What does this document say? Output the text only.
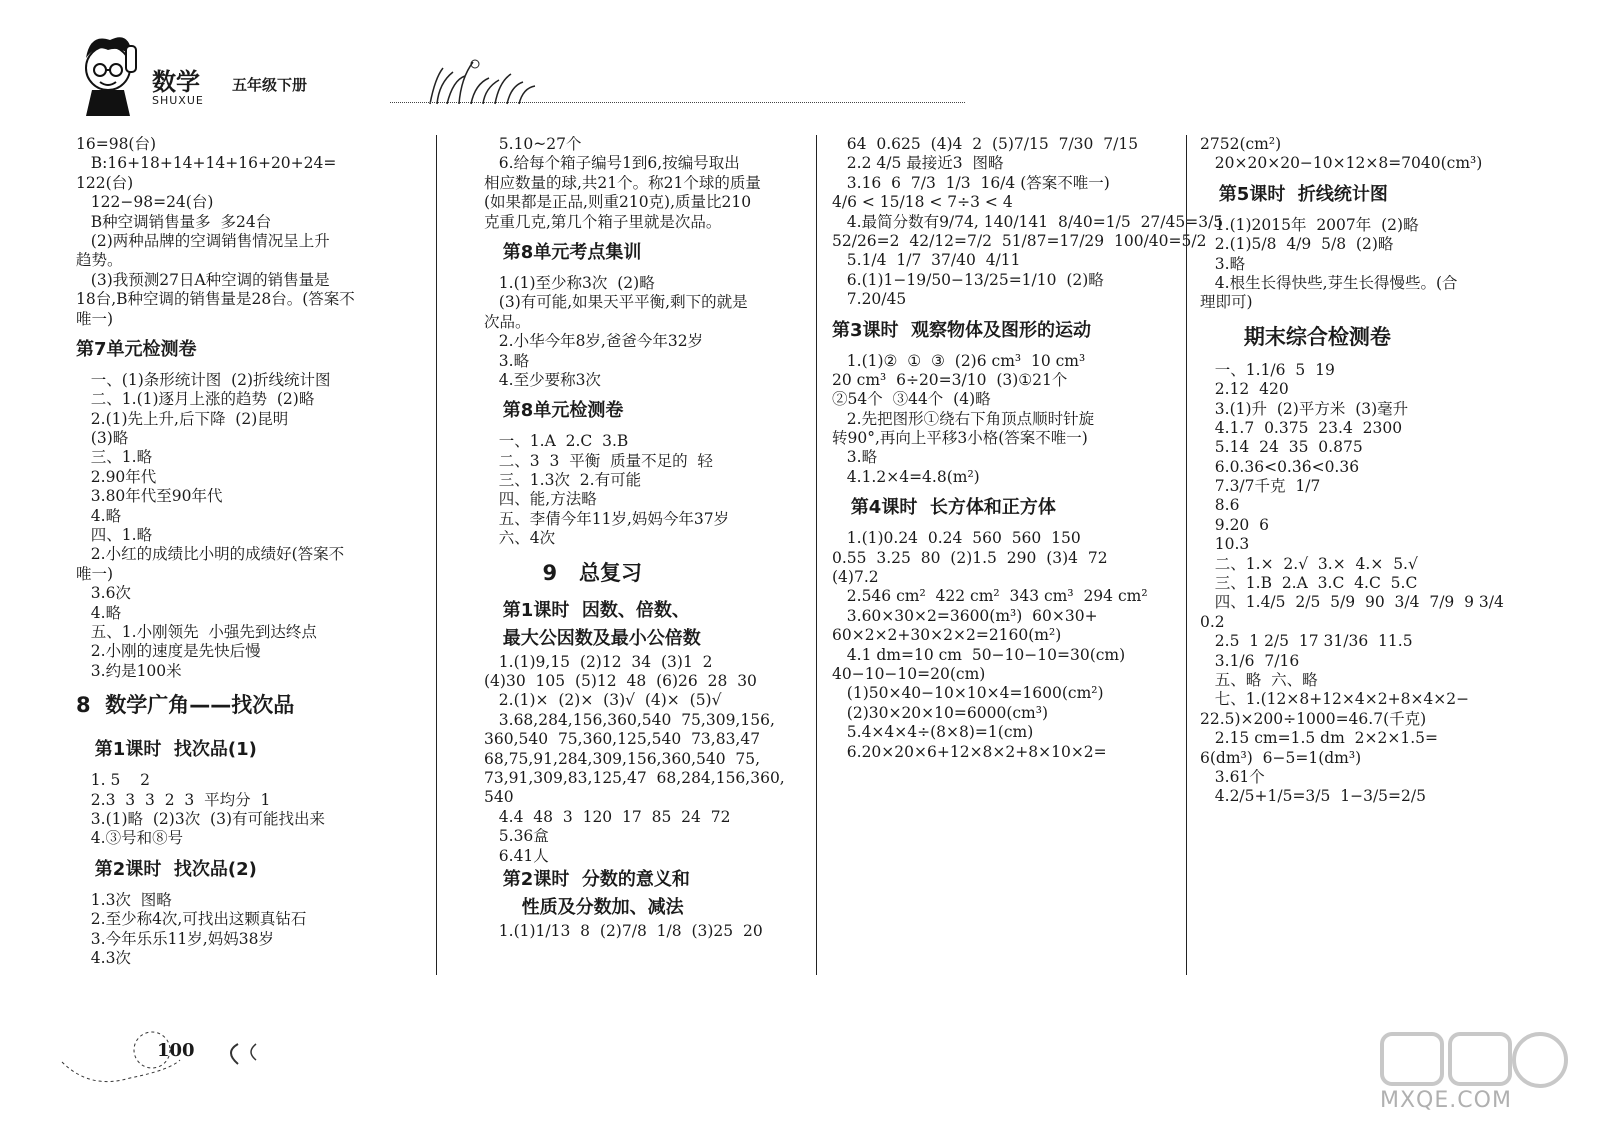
数学
SHUXUE
五年级下册
16=98(台)
B:16+18+14+14+16+20+24=
122(台)
122−98=24(台)
B种空调销售量多  多24台
(2)两种品牌的空调销售情况呈上升
趋势。
(3)我预测27日A种空调的销售量是
18台,B种空调的销售量是28台。(答案不
唯一)
第7单元检测卷
一、(1)条形统计图  (2)折线统计图
二、1.(1)逐月上涨的趋势  (2)略
2.(1)先上升,后下降  (2)昆明
(3)略
三、1.略
2.90年代
3.80年代至90年代
4.略
四、1.略
2.小红的成绩比小明的成绩好(答案不
唯一)
3.6次
4.略
五、1.小刚领先  小强先到达终点
2.小刚的速度是先快后慢
3.约是100米
8  数学广角——找次品
第1课时  找次品(1)
1. 5    2
2.3  3  3  2  3  平均分  1
3.(1)略  (2)3次  (3)有可能找出来
4.③号和⑧号
第2课时  找次品(2)
1.3次  图略
2.至少称4次,可找出这颗真钻石
3.今年乐乐11岁,妈妈38岁
4.3次
5.10~27个
6.给每个箱子编号1到6,按编号取出
相应数量的球,共21个。称21个球的质量
(如果都是正品,则重210克),质量比210
克重几克,第几个箱子里就是次品。
第8单元考点集训
1.(1)至少称3次  (2)略
(3)有可能,如果天平平衡,剩下的就是
次品。
2.小华今年8岁,爸爸今年32岁
3.略
4.至少要称3次
第8单元检测卷
一、1.A  2.C  3.B
二、3  3  平衡  质量不足的  轻
三、1.3次  2.有可能
四、能,方法略
五、李倩今年11岁,妈妈今年37岁
六、4次
9   总复习
第1课时  因数、倍数、
最大公因数及最小公倍数
1.(1)9,15  (2)12  34  (3)1  2
(4)30  105  (5)12  48  (6)26  28  30
2.(1)×  (2)×  (3)√  (4)×  (5)√
3.68,284,156,360,540  75,309,156,
360,540  75,360,125,540  73,83,47
68,75,91,284,309,156,360,540  75,
73,91,309,83,125,47  68,284,156,360,
540
4.4  48  3  120  17  85  24  72
5.36盒
6.41人
第2课时  分数的意义和
性质及分数加、减法
1.(1)1/13  8  (2)7/8  1/8  (3)25  20
64  0.625  (4)4  2  (5)7/15  7/30  7/15
2.2 4/5 最接近3  图略
3.16  6  7/3  1/3  16/4 (答案不唯一)
4/6 < 15/18 < 7÷3 < 4
4.最简分数有9/74, 140/141  8/40=1/5  27/45=3/5
52/26=2  42/12=7/2  51/87=17/29  100/40=5/2
5.1/4  1/7  37/40  4/11
6.(1)1−19/50−13/25=1/10  (2)略
7.20/45
第3课时  观察物体及图形的运动
1.(1)②  ①  ③  (2)6 cm³  10 cm³
20 cm³  6÷20=3/10  (3)①21个
②54个  ③44个  (4)略
2.先把图形①绕右下角顶点顺时针旋
转90°,再向上平移3小格(答案不唯一)
3.略
4.1.2×4=4.8(m²)
第4课时  长方体和正方体
1.(1)0.24  0.24  560  560  150
0.55  3.25  80  (2)1.5  290  (3)4  72
(4)7.2
2.546 cm²  422 cm²  343 cm³  294 cm²
3.60×30×2=3600(m³)  60×30+
60×2×2+30×2×2=2160(m²)
4.1 dm=10 cm  50−10−10=30(cm)
40−10−10=20(cm)
(1)50×40−10×10×4=1600(cm²)
(2)30×20×10=6000(cm³)
5.4×4×4÷(8×8)=1(cm)
6.20×20×6+12×8×2+8×10×2=
2752(cm²)
20×20×20−10×12×8=7040(cm³)
第5课时  折线统计图
1.(1)2015年  2007年  (2)略
2.(1)5/8  4/9  5/8  (2)略
3.略
4.根生长得快些,芽生长得慢些。(合
理即可)
期末综合检测卷
一、1.1/6  5  19
2.12  420
3.(1)升  (2)平方米  (3)毫升
4.1.7  0.375  23.4  2300
5.14  24  35  0.875
6.0.36<0.3̇6̇<0.36̇
7.3/7千克  1/7
8.6
9.20  6
10.3
二、1.×  2.√  3.×  4.×  5.√
三、1.B  2.A  3.C  4.C  5.C
四、1.4/5  2/5  5/9  90  3/4  7/9  9 3/4
0.2
2.5  1 2/5  17 31/36  11.5
3.1/6  7/16
五、略  六、略
七、1.(12×8+12×4×2+8×4×2−
22.5)×200÷1000=46.7(千克)
2.15 cm=1.5 dm  2×2×1.5=
6(dm³)  6−5=1(dm³)
3.61个
4.2/5+1/5=3/5  1−3/5=2/5
100
MXQE.COM
